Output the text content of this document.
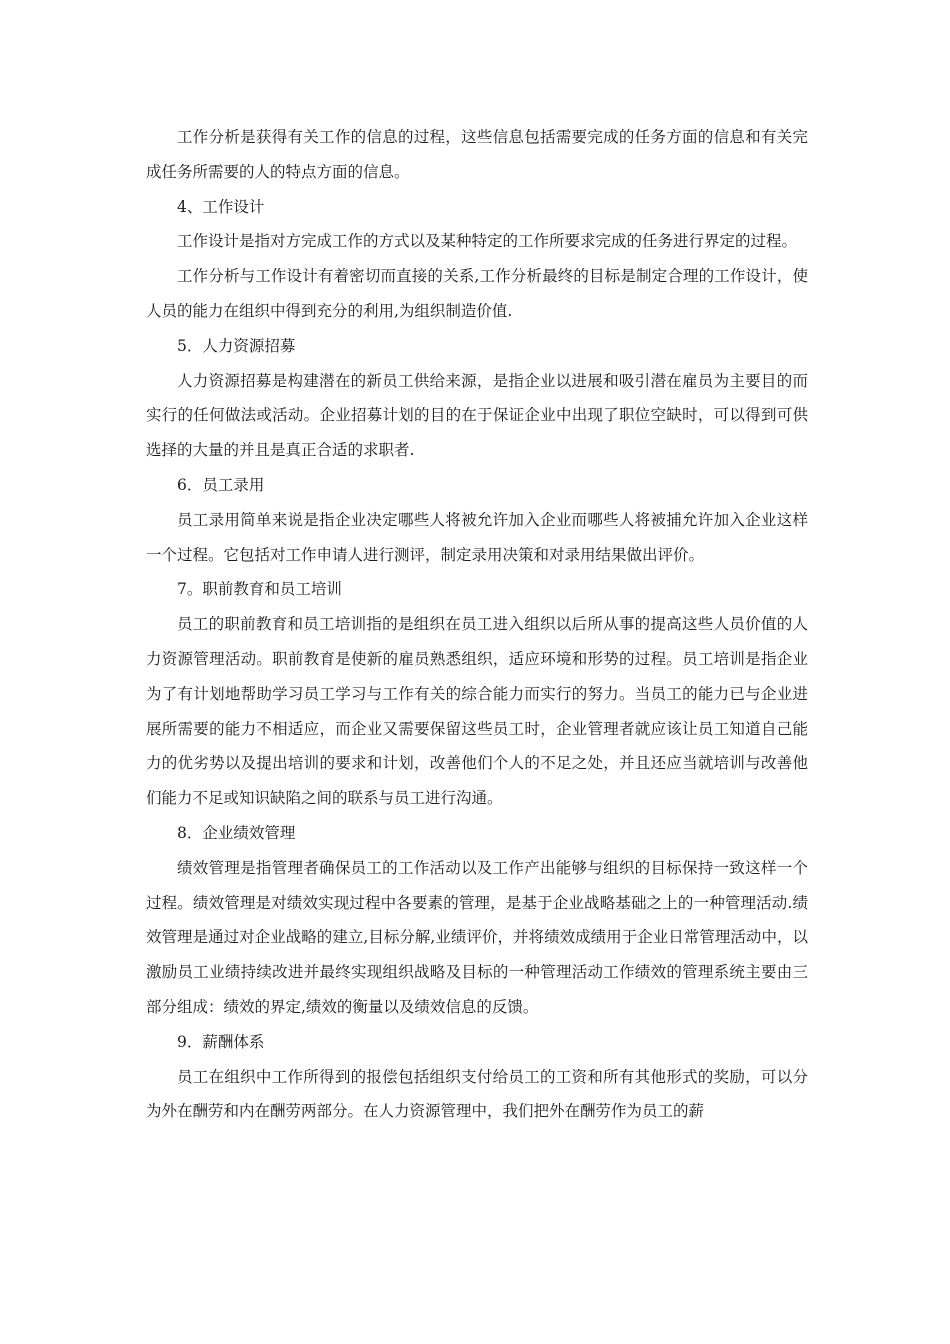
工作分析是获得有关工作的信息的过程，这些信息包括需要完成的任务方面的信息和有关完成任务所需要的人的特点方面的信息。

4、工作设计

工作设计是指对方完成工作的方式以及某种特定的工作所要求完成的任务进行界定的过程。

工作分析与工作设计有着密切而直接的关系,工作分析最终的目标是制定合理的工作设计，使人员的能力在组织中得到充分的利用,为组织制造价值.

5．人力资源招募

人力资源招募是构建潜在的新员工供给来源，是指企业以进展和吸引潜在雇员为主要目的而实行的任何做法或活动。企业招募计划的目的在于保证企业中出现了职位空缺时，可以得到可供选择的大量的并且是真正合适的求职者.

6．员工录用

员工录用简单来说是指企业决定哪些人将被允许加入企业而哪些人将被捕允许加入企业这样一个过程。它包括对工作申请人进行测评，制定录用决策和对录用结果做出评价。

7。职前教育和员工培训

员工的职前教育和员工培训指的是组织在员工进入组织以后所从事的提高这些人员价值的人力资源管理活动。职前教育是使新的雇员熟悉组织，适应环境和形势的过程。员工培训是指企业为了有计划地帮助学习员工学习与工作有关的综合能力而实行的努力。当员工的能力已与企业进展所需要的能力不相适应，而企业又需要保留这些员工时，企业管理者就应该让员工知道自己能力的优劣势以及提出培训的要求和计划，改善他们个人的不足之处，并且还应当就培训与改善他们能力不足或知识缺陷之间的联系与员工进行沟通。

8．企业绩效管理

绩效管理是指管理者确保员工的工作活动以及工作产出能够与组织的目标保持一致这样一个过程。绩效管理是对绩效实现过程中各要素的管理，是基于企业战略基础之上的一种管理活动.绩效管理是通过对企业战略的建立,目标分解,业绩评价，并将绩效成绩用于企业日常管理活动中，以激励员工业绩持续改进并最终实现组织战略及目标的一种管理活动工作绩效的管理系统主要由三部分组成：绩效的界定,绩效的衡量以及绩效信息的反馈。

9．薪酬体系

员工在组织中工作所得到的报偿包括组织支付给员工的工资和所有其他形式的奖励，可以分为外在酬劳和内在酬劳两部分。在人力资源管理中，我们把外在酬劳作为员工的薪
